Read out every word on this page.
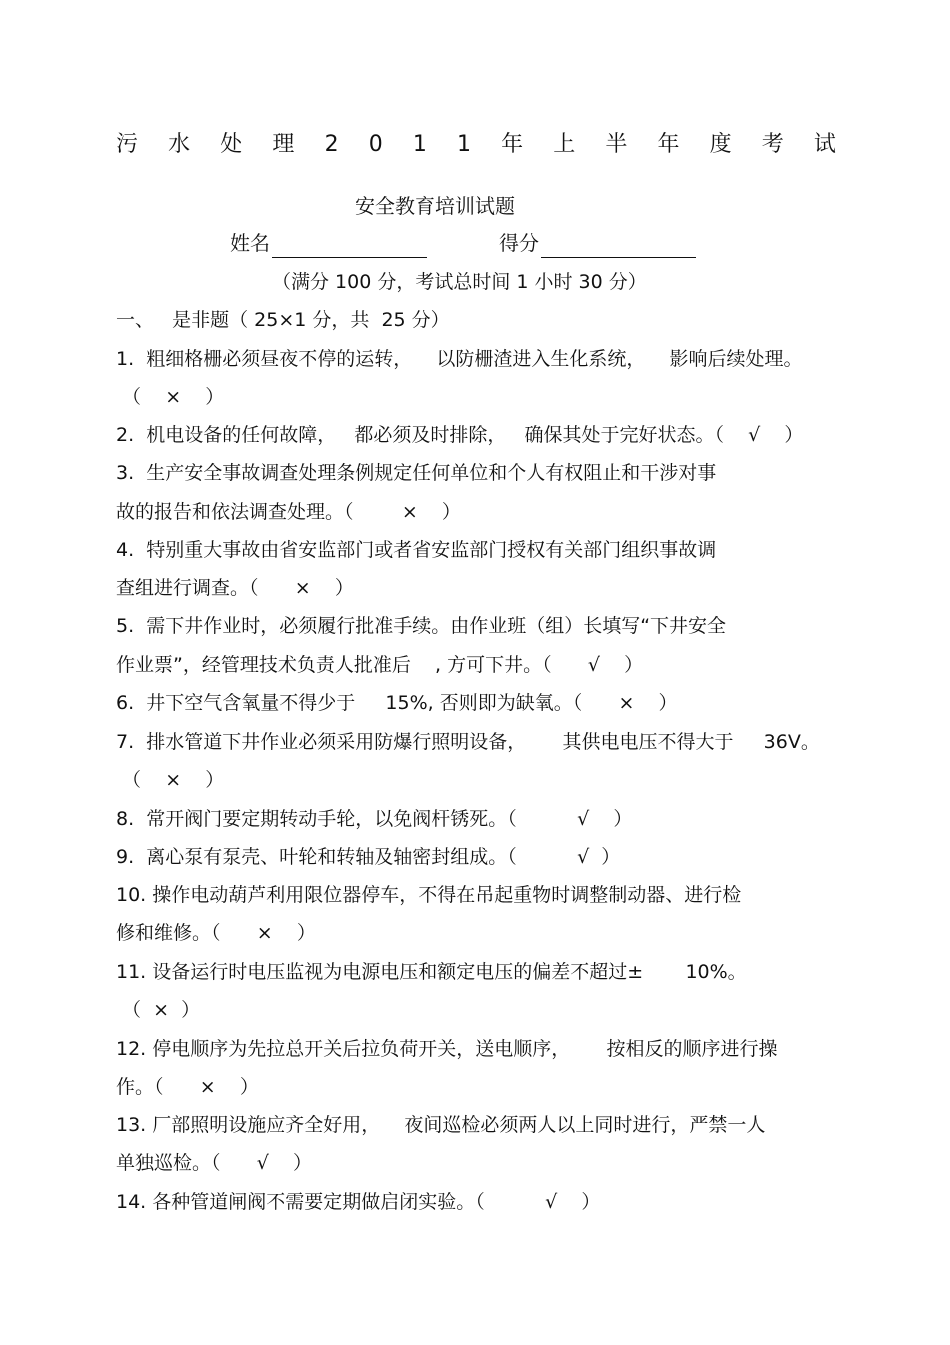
污 水 处 理 2 0 1 1 年 上 半 年 度 考 试
安全教育培训试题
姓名	得分
（满分 100 分，考试总时间 1 小时 30 分）
一、   是非题（ 25×1 分，共  25 分）
1.  粗细格栅必须昼夜不停的运转，    以防栅渣进入生化系统，    影响后续处理。
（    ×    ）
2.  机电设备的任何故障，   都必须及时排除，   确保其处于完好状态。（    √    ）
3.  生产安全事故调查处理条例规定任何单位和个人有权阻止和干涉对事
故的报告和依法调查处理。（        ×    ）
4.  特别重大事故由省安监部门或者省安监部门授权有关部门组织事故调
查组进行调查。（      ×    ）
5.  需下井作业时，必须履行批准手续。由作业班（组）长填写“下井安全
作业票”，经管理技术负责人批准后    , 方可下井。（      √    ）
6.  井下空气含氧量不得少于     15%, 否则即为缺氧。（      ×    ）
7.  排水管道下井作业必须采用防爆行照明设备，      其供电电压不得大于     36V。
（    ×    ）
8.  常开阀门要定期转动手轮，以免阀杆锈死。（          √    ）
9.  离心泵有泵壳、叶轮和转轴及轴密封组成。（          √  ）
10. 操作电动葫芦利用限位器停车，不得在吊起重物时调整制动器、进行检
修和维修。（      ×    ）
11. 设备运行时电压监视为电源电压和额定电压的偏差不超过±       10%。
（  ×  ）
12. 停电顺序为先拉总开关后拉负荷开关，送电顺序，      按相反的顺序进行操
作。（      ×    ）
13. 厂部照明设施应齐全好用，    夜间巡检必须两人以上同时进行，严禁一人
单独巡检。（      √    ）
14. 各种管道闸阀不需要定期做启闭实验。（          √    ）
